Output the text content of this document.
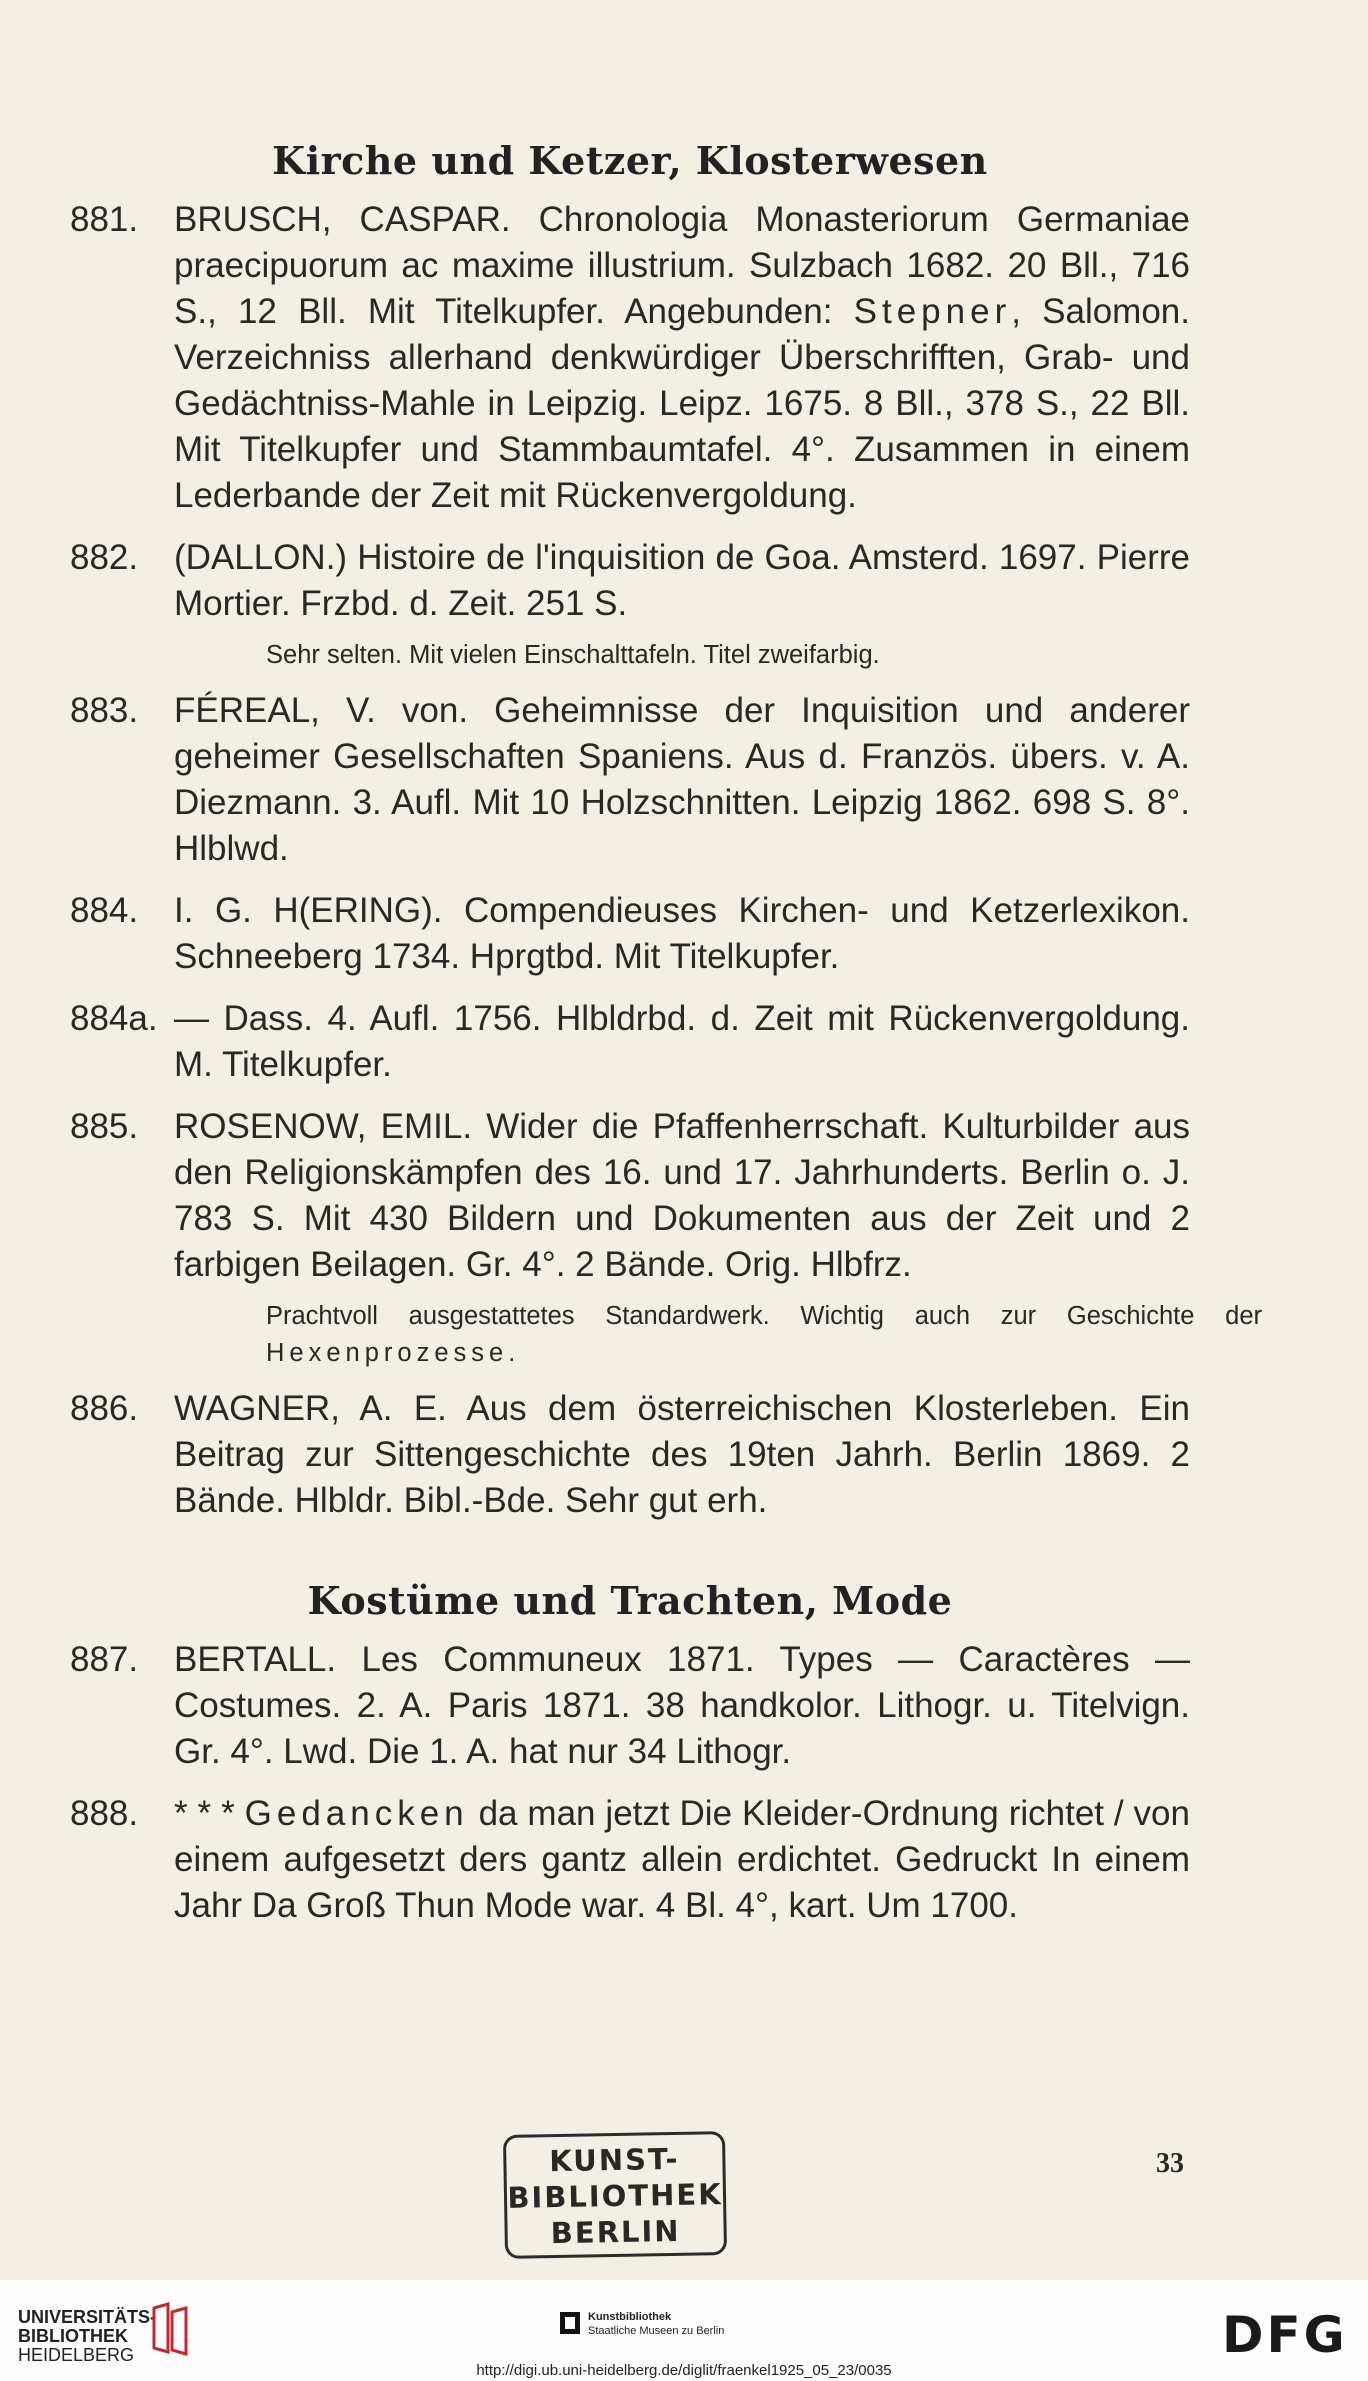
Kirche und Ketzer, Klosterwesen
881.	BRUSCH, CASPAR. Chronologia Monasteriorum Germaniae praecipuorum ac maxime illustrium. Sulzbach 1682. 20 Bll., 716 S., 12 Bll. Mit Titelkupfer. Angebunden: Stepner, Salomon. Verzeichniss allerhand denkwürdiger Überschrifften, Grab- und Gedächtniss-Mahle in Leipzig. Leipz. 1675. 8 Bll., 378 S., 22 Bll. Mit Titelkupfer und Stammbaumtafel. 4°. Zusammen in einem Lederbande der Zeit mit Rückenvergoldung.
882.	(DALLON.) Histoire de l'inquisition de Goa. Amsterd. 1697. Pierre Mortier. Frzbd. d. Zeit. 251 S.
Sehr selten. Mit vielen Einschalttafeln. Titel zweifarbig.
883.	FÉREAL, V. von. Geheimnisse der Inquisition und anderer geheimer Gesellschaften Spaniens. Aus d. Französ. übers. v. A. Diezmann. 3. Aufl. Mit 10 Holzschnitten. Leipzig 1862. 698 S. 8°. Hlblwd.
884.	I. G. H(ERING). Compendieuses Kirchen- und Ketzerlexikon. Schneeberg 1734. Hprgtbd. Mit Titelkupfer.
884a. — Dass. 4. Aufl. 1756. Hlbldrbd. d. Zeit mit Rückenvergoldung. M. Titelkupfer.
885.	ROSENOW, EMIL. Wider die Pfaffenherrschaft. Kulturbilder aus den Religionskämpfen des 16. und 17. Jahrhunderts. Berlin o. J. 783 S. Mit 430 Bildern und Dokumenten aus der Zeit und 2 farbigen Beilagen. Gr. 4°. 2 Bände. Orig. Hlbfrz.
Prachtvoll ausgestattetes Standardwerk. Wichtig auch zur Geschichte der Hexenprozesse.
886.	WAGNER, A. E. Aus dem österreichischen Klosterleben. Ein Beitrag zur Sittengeschichte des 19ten Jahrh. Berlin 1869. 2 Bände. Hlbldr. Bibl.-Bde. Sehr gut erh.
Kostüme und Trachten, Mode
887.	BERTALL. Les Communeux 1871. Types — Caractères — Costumes. 2. A. Paris 1871. 38 handkolor. Lithogr. u. Titelvign. Gr. 4°. Lwd. Die 1. A. hat nur 34 Lithogr.
888.	* * * Gedancken da man jetzt Die Kleider-Ordnung richtet / von einem aufgesetzt ders gantz allein erdichtet. Gedruckt In einem Jahr Da Groß Thun Mode war. 4 Bl. 4°, kart. Um 1700.
KUNST-
BIBLIOTHEK
BERLIN
33
UNIVERSITÄTS-
BIBLIOTHEK
HEIDELBERG
Kunstbibliothek
Staatliche Museen zu Berlin	DFG
http://digi.ub.uni-heidelberg.de/diglit/fraenkel1925_05_23/0035
